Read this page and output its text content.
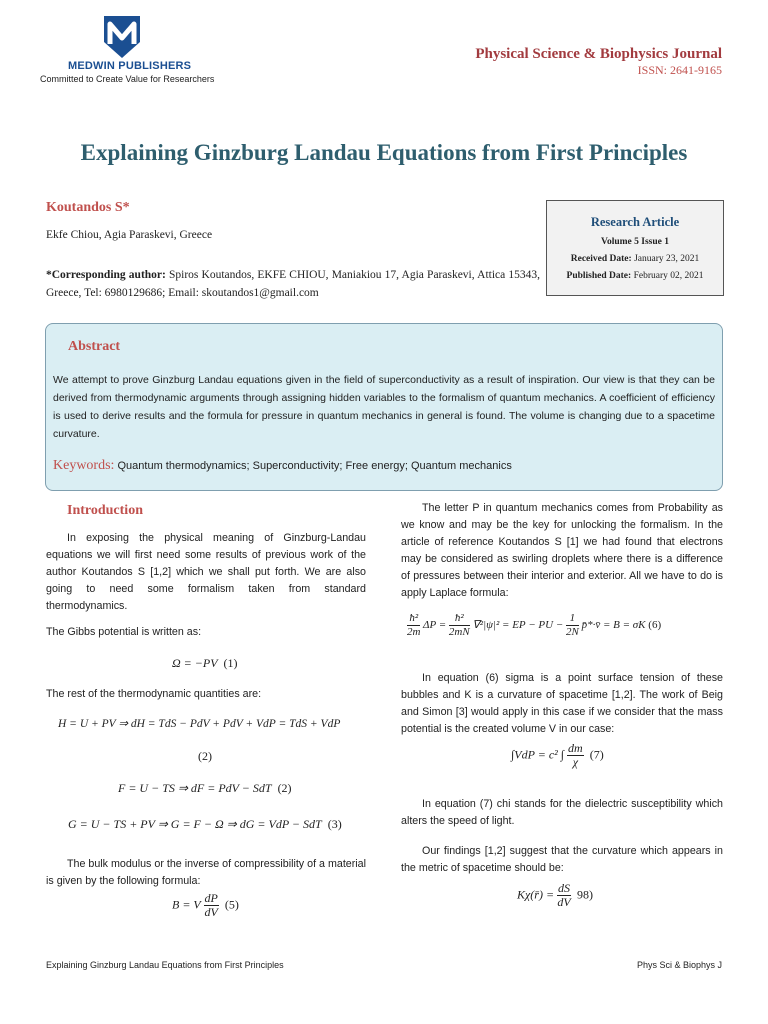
MEDWIN PUBLISHERS
Committed to Create Value for Researchers
Physical Science & Biophysics Journal
ISSN: 2641-9165
Explaining Ginzburg Landau Equations from First Principles
Koutandos S*
Ekfe Chiou, Agia Paraskevi, Greece
*Corresponding author: Spiros Koutandos, EKFE CHIOU, Maniakiou 17, Agia Paraskevi, Attica 15343, Greece, Tel: 6980129686; Email: skoutandos1@gmail.com
Research Article
Volume 5 Issue 1
Received Date: January 23, 2021
Published Date: February 02, 2021
Abstract
We attempt to prove Ginzburg Landau equations given in the field of superconductivity as a result of inspiration. Our view is that they can be derived from thermodynamic arguments through assigning hidden variables to the formalism of quantum mechanics. A coefficient of efficiency is used to derive results and the formula for pressure in quantum mechanics in general is found. The volume is changing due to a spacetime curvature.
Keywords: Quantum thermodynamics; Superconductivity; Free energy; Quantum mechanics
Introduction

In exposing the physical meaning of Ginzburg-Landau equations we will first need some results of previous work of the author Koutandos S [1,2] which we shall put forth. We are also going to need some formalism taken from standard thermodynamics.

The Gibbs potential is written as:

Ω = −PV (1)

The rest of the thermodynamic quantities are:

H = U + PV ⇒ dH = TdS − PdV + PdV + VdP = TdS + VdP
(2)
F = U − TS ⇒ dF = PdV − SdT (2)
G = U − TS + PV ⇒ G = F − Ω ⇒ dG = VdP − SdT (3)

The bulk modulus or the inverse of compressibility of a material is given by the following formula:

B = V $\frac{dP}{dV} (5)$

The letter P in quantum mechanics comes from Probability as we know and may be the key for unlocking the formalism. In the article of reference Koutandos S [1] we had found that electrons may be considered as swirling droplets where there is a difference of pressures between their interior and exterior. All we have to do is apply Laplace formula:

$\frac{\text{ħ²}}{2m}$ $\Delta P = \frac{\text{ħ²}}{2mN} \nabla^2|\psi|^2$ = EP − PU − $\frac{1}{2N}$ p̄*·v̄ = B = σK (6)

In equation (6) sigma is a point surface tension of these bubbles and K is a curvature of spacetime [1,2]. The work of Beig and Simon [3] would apply in this case if we consider that the mass potential is the created volume V in our case:

∫VdP = c² ∫ $\frac{dm}{\chi} (7)$

In equation (7) chi stands for the dielectric susceptibility which alters the speed of light.

Our findings [1,2] suggest that the curvature which appears in the metric of spacetime should be:

Kχ(r̄) = $\frac{dS}{dV} 98$)
Explaining Ginzburg Landau Equations from First Principles	Phys Sci & Biophys J
